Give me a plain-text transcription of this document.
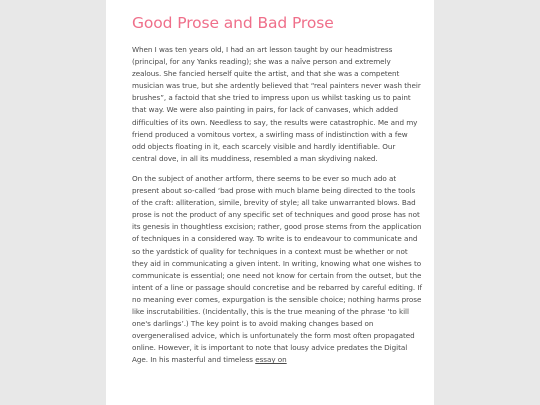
Good Prose and Bad Prose

When I was ten years old, I had an art lesson taught by our headmistress (principal, for any Yanks reading); she was a naïve person and extremely zealous. She fancied herself quite the artist, and that she was a competent musician was true, but she ardently believed that “real painters never wash their brushes”, a factoid that she tried to impress upon us whilst tasking us to paint that way. We were also painting in pairs, for lack of canvases, which added difficulties of its own. Needless to say, the results were catastrophic. Me and my friend produced a vomitous vortex, a swirling mass of indistinction with a few odd objects floating in it, each scarcely visible and hardly identifiable. Our central dove, in all its muddiness, resembled a man skydiving naked.

On the subject of another artform, there seems to be ever so much ado at present about so-called ‘bad prose with much blame being directed to the tools of the craft: alliteration, simile, brevity of style; all take unwarranted blows. Bad prose is not the product of any specific set of techniques and good prose has not its genesis in thoughtless excision; rather, good prose stems from the application of techniques in a considered way. To write is to endeavour to communicate and so the yardstick of quality for techniques in a context must be whether or not they aid in communicating a given intent. In writing, knowing what one wishes to communicate is essential; one need not know for certain from the outset, but the intent of a line or passage should concretise and be rebarred by careful editing. If no meaning ever comes, expurgation is the sensible choice; nothing harms prose like inscrutabilities. (Incidentally, this is the true meaning of the phrase ‘to kill one's darlings’.) The key point is to avoid making changes based on overgeneralised advice, which is unfortunately the form most often propagated online. However, it is important to note that lousy advice predates the Digital Age. In his masterful and timeless essay on
